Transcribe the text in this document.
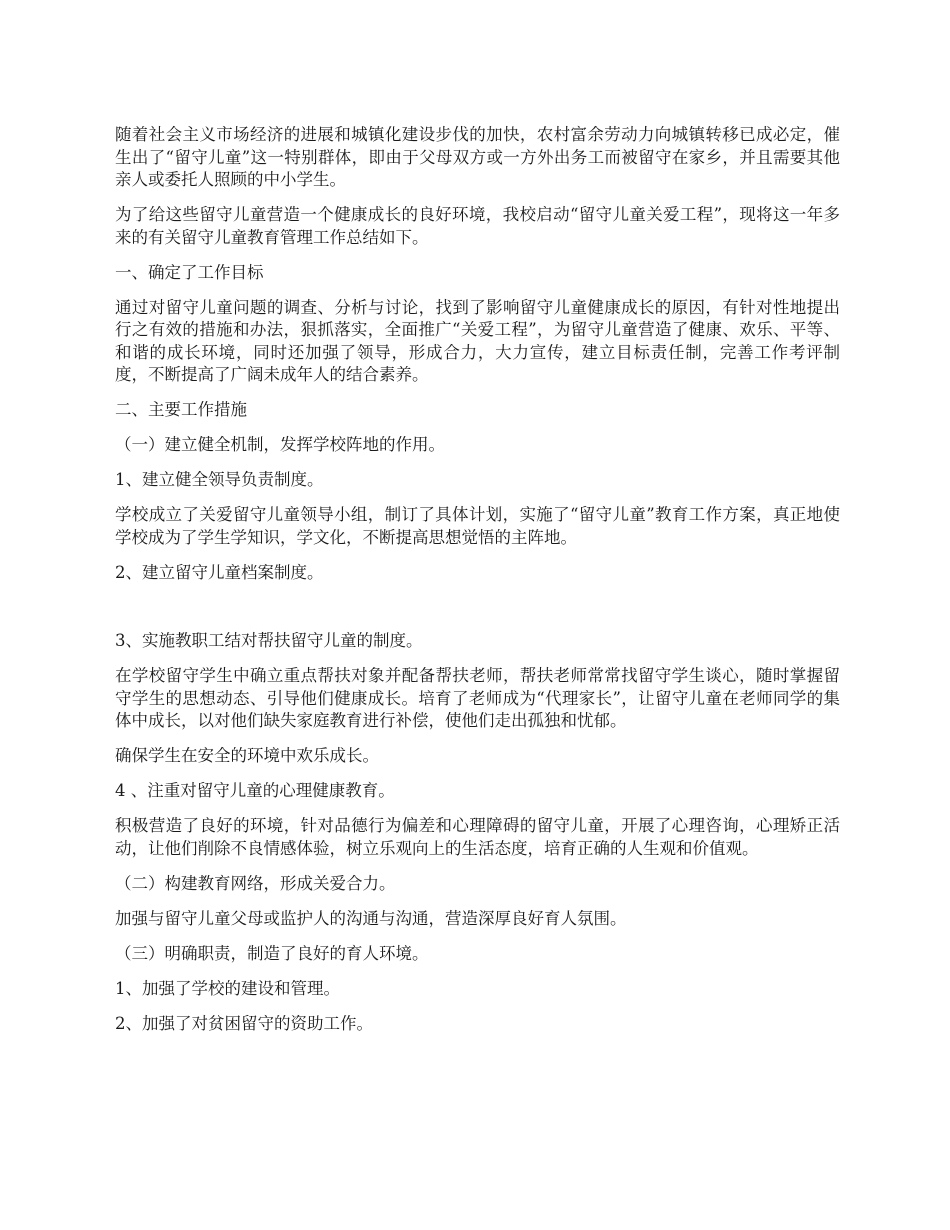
随着社会主义市场经济的进展和城镇化建设步伐的加快，农村富余劳动力向城镇转移已成必定，催生出了“留守儿童”这一特别群体，即由于父母双方或一方外出务工而被留守在家乡，并且需要其他亲人或委托人照顾的中小学生。

为了给这些留守儿童营造一个健康成长的良好环境，我校启动“留守儿童关爱工程”，现将这一年多来的有关留守儿童教育管理工作总结如下。

一、确定了工作目标

通过对留守儿童问题的调查、分析与讨论，找到了影响留守儿童健康成长的原因，有针对性地提出行之有效的措施和办法，狠抓落实，全面推广“关爱工程”，为留守儿童营造了健康、欢乐、平等、和谐的成长环境，同时还加强了领导，形成合力，大力宣传，建立目标责任制，完善工作考评制度，不断提高了广阔未成年人的结合素养。

二、主要工作措施

（一）建立健全机制，发挥学校阵地的作用。

1、建立健全领导负责制度。

学校成立了关爱留守儿童领导小组，制订了具体计划，实施了“留守儿童”教育工作方案，真正地使学校成为了学生学知识，学文化，不断提高思想觉悟的主阵地。

2、建立留守儿童档案制度。

3、实施教职工结对帮扶留守儿童的制度。

在学校留守学生中确立重点帮扶对象并配备帮扶老师，帮扶老师常常找留守学生谈心，随时掌握留守学生的思想动态、引导他们健康成长。培育了老师成为“代理家长”，让留守儿童在老师同学的集体中成长，以对他们缺失家庭教育进行补偿，使他们走出孤独和忧郁。

确保学生在安全的环境中欢乐成长。

4 、注重对留守儿童的心理健康教育。

积极营造了良好的环境，针对品德行为偏差和心理障碍的留守儿童，开展了心理咨询，心理矫正活动，让他们削除不良情感体验，树立乐观向上的生活态度，培育正确的人生观和价值观。

（二）构建教育网络，形成关爱合力。

加强与留守儿童父母或监护人的沟通与沟通，营造深厚良好育人氛围。

（三）明确职责，制造了良好的育人环境。

1、加强了学校的建设和管理。

2、加强了对贫困留守的资助工作。
